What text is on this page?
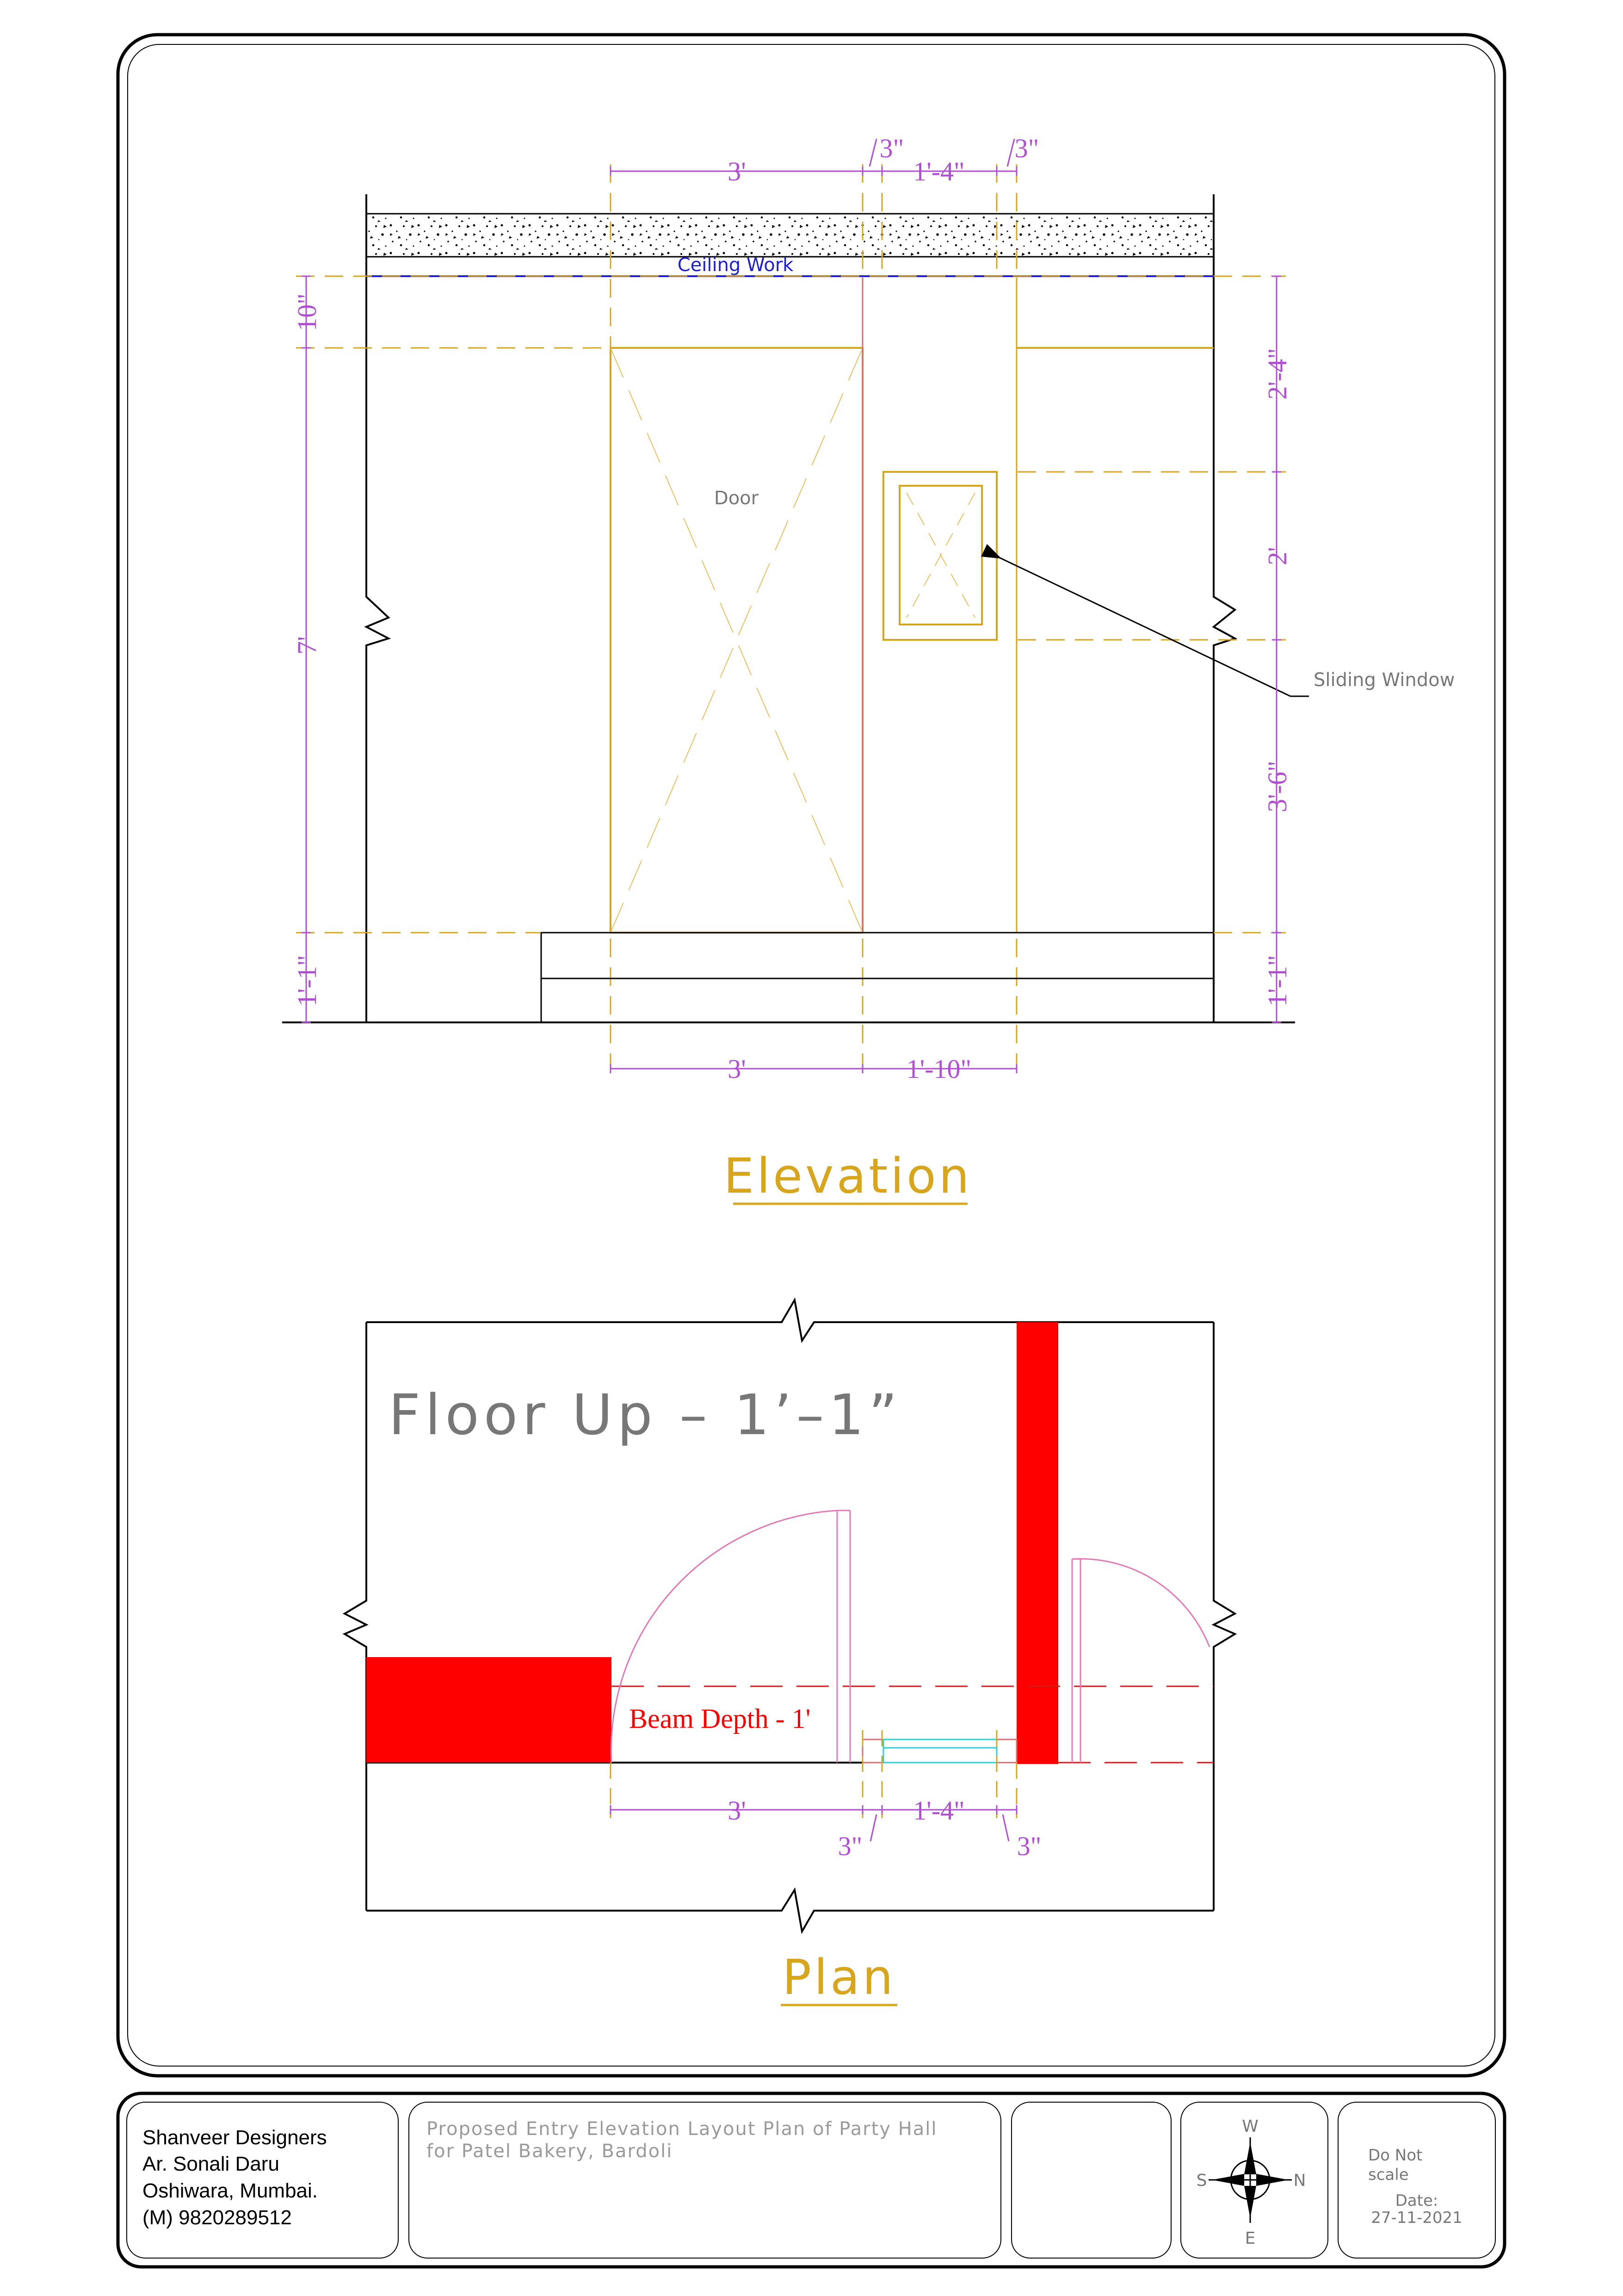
Ceiling Work
Door
Sliding Window
3'
3"
1'-4"
3"
3'	1'-10"
10"
7'
1'-1"
2'-4"
2'
3'-6"
1'-1"
Elevation
Beam Depth - 1'
3'	1'-4"
3"	3"
Floor Up – 1’–1”
Plan
Shanveer Designers
Ar. Sonali Daru
Oshiwara, Mumbai.
(M) 9820289512
Proposed Entry Elevation Layout Plan of Party Hall
for Patel Bakery, Bardoli
W
S	N
E
Do Not
scale
Date:
27-11-2021
